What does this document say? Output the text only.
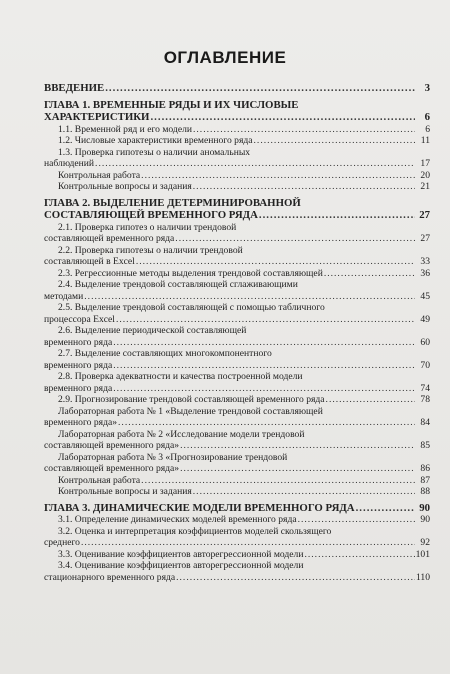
ОГЛАВЛЕНИЕ
ВВЕДЕНИЕ .....	3
ГЛАВА 1. ВРЕМЕННЫЕ РЯДЫ И ИХ ЧИСЛОВЫЕ
ХАРАКТЕРИСТИКИ .....	6
1.1. Временной ряд и его модели .....	6
1.2. Числовые характеристики временного ряда .....	11
1.3. Проверка гипотезы о наличии аномальных
наблюдений .....	17
Контрольная работа .....	20
Контрольные вопросы и задания .....	21
ГЛАВА 2. ВЫДЕЛЕНИЕ ДЕТЕРМИНИРОВАННОЙ
СОСТАВЛЯЮЩЕЙ ВРЕМЕННОГО РЯДА .....	27
2.1. Проверка гипотез о наличии трендовой
составляющей временного ряда .....	27
2.2. Проверка гипотезы о наличии трендовой
составляющей в Excel .....	33
2.3. Регрессионные методы выделения трендовой составляющей .....	36
2.4. Выделение трендовой составляющей сглаживающими
методами .....	45
2.5. Выделение трендовой составляющей с помощью табличного
процессора Excel .....	49
2.6. Выделение периодической составляющей
временного ряда .....	60
2.7. Выделение составляющих многокомпонентного
временного ряда .....	70
2.8. Проверка адекватности и качества построенной модели
временного ряда .....	74
2.9. Прогнозирование трендовой составляющей временного ряда .....	78
Лабораторная работа № 1 «Выделение трендовой составляющей
временного ряда» .....	84
Лабораторная работа № 2 «Исследование модели трендовой
составляющей временного ряда» .....	85
Лабораторная работа № 3 «Прогнозирование трендовой
составляющей временного ряда» .....	86
Контрольная работа .....	87
Контрольные вопросы и задания .....	88
ГЛАВА 3. ДИНАМИЧЕСКИЕ МОДЕЛИ ВРЕМЕННОГО РЯДА .....	90
3.1. Определение динамических моделей временного ряда .....	90
3.2. Оценка и интерпретация коэффициентов моделей скользящего
среднего .....	92
3.3. Оценивание коэффициентов авторегрессионной модели .....	101
3.4. Оценивание коэффициентов авторегрессионной модели
стационарного временного ряда .....	110
